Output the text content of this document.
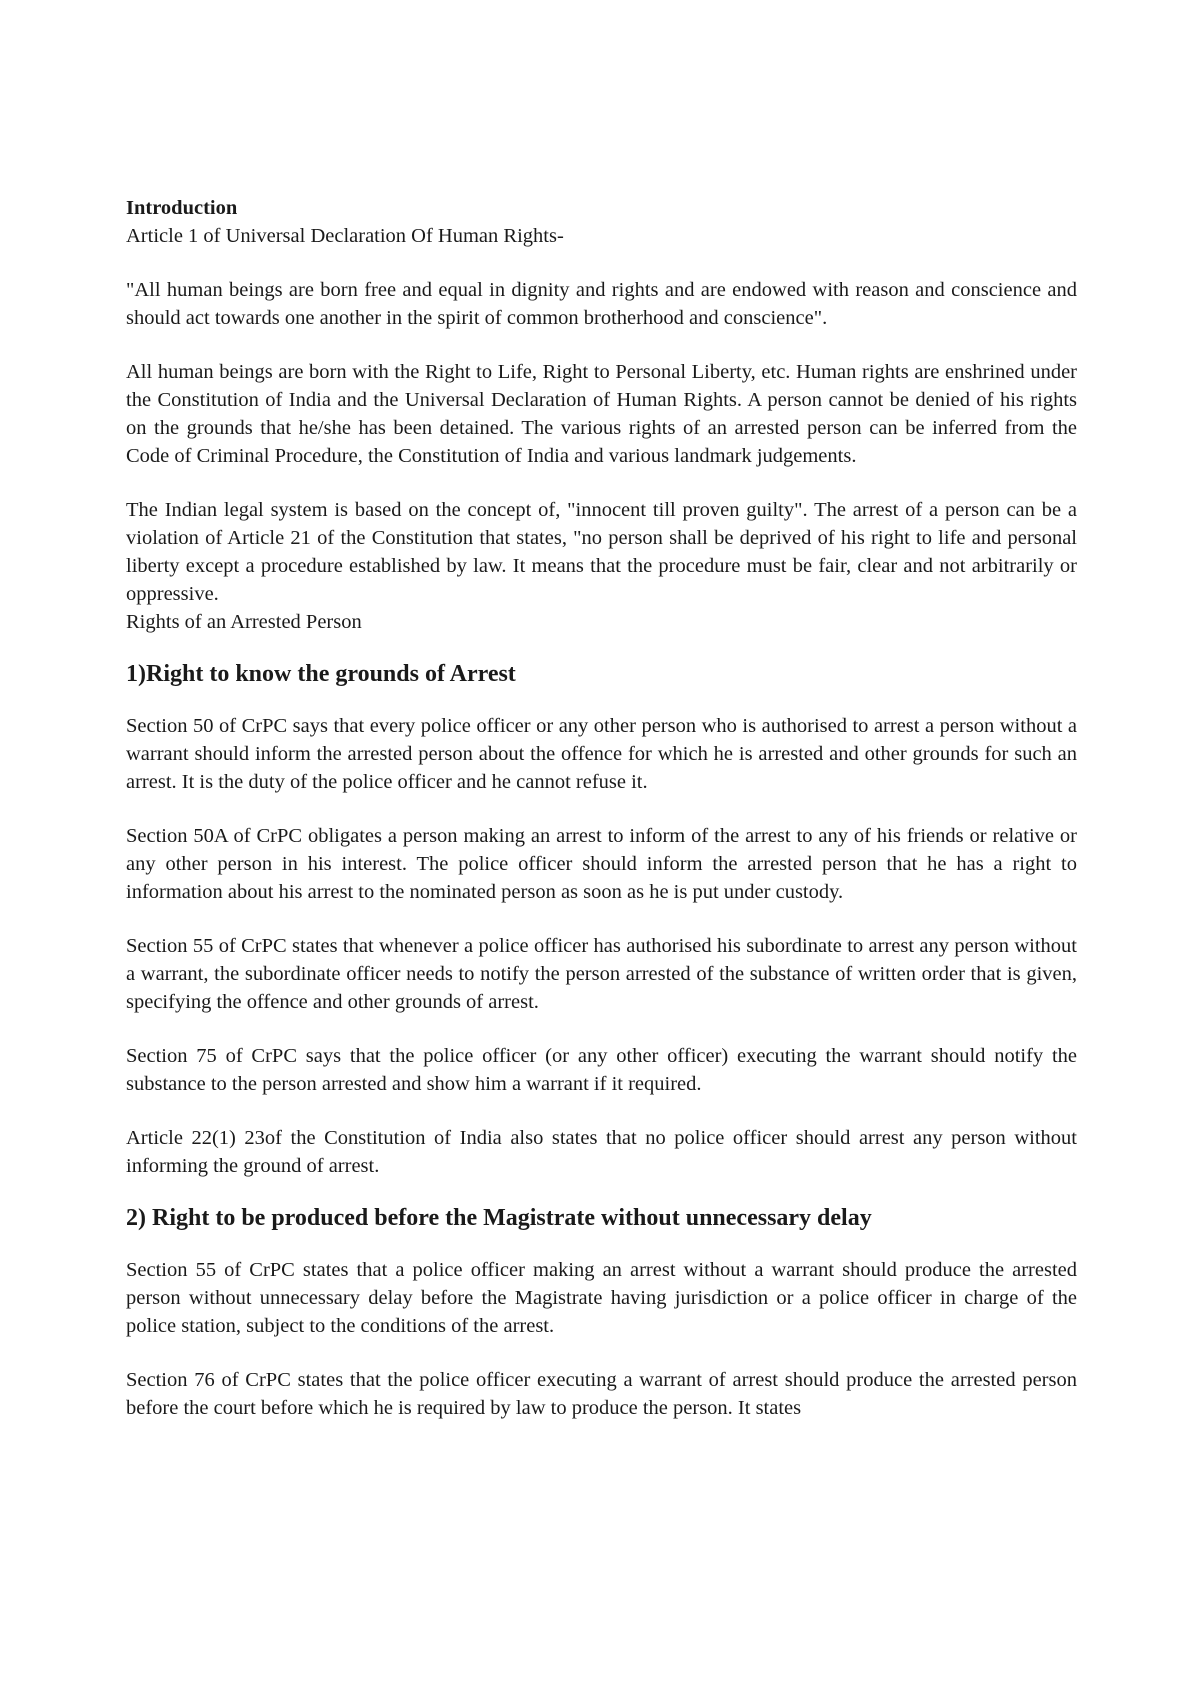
Introduction
Article 1 of Universal Declaration Of Human Rights-

"All human beings are born free and equal in dignity and rights and are endowed with reason and conscience and should act towards one another in the spirit of common brotherhood and conscience".

All human beings are born with the Right to Life, Right to Personal Liberty, etc. Human rights are enshrined under the Constitution of India and the Universal Declaration of Human Rights. A person cannot be denied of his rights on the grounds that he/she has been detained. The various rights of an arrested person can be inferred from the Code of Criminal Procedure, the Constitution of India and various landmark judgements.

The Indian legal system is based on the concept of, "innocent till proven guilty". The arrest of a person can be a violation of Article 21 of the Constitution that states, "no person shall be deprived of his right to life and personal liberty except a procedure established by law. It means that the procedure must be fair, clear and not arbitrarily or oppressive.

Rights of an Arrested Person
1)Right to know the grounds of Arrest

Section 50 of CrPC says that every police officer or any other person who is authorised to arrest a person without a warrant should inform the arrested person about the offence for which he is arrested and other grounds for such an arrest. It is the duty of the police officer and he cannot refuse it.

Section 50A of CrPC obligates a person making an arrest to inform of the arrest to any of his friends or relative or any other person in his interest. The police officer should inform the arrested person that he has a right to information about his arrest to the nominated person as soon as he is put under custody.

Section 55 of CrPC states that whenever a police officer has authorised his subordinate to arrest any person without a warrant, the subordinate officer needs to notify the person arrested of the substance of written order that is given, specifying the offence and other grounds of arrest.

Section 75 of CrPC says that the police officer (or any other officer) executing the warrant should notify the substance to the person arrested and show him a warrant if it required.

Article 22(1) 23of the Constitution of India also states that no police officer should arrest any person without informing the ground of arrest.

2) Right to be produced before the Magistrate without unnecessary delay

Section 55 of CrPC states that a police officer making an arrest without a warrant should produce the arrested person without unnecessary delay before the Magistrate having jurisdiction or a police officer in charge of the police station, subject to the conditions of the arrest.

Section 76 of CrPC states that the police officer executing a warrant of arrest should produce the arrested person before the court before which he is required by law to produce the person. It states
